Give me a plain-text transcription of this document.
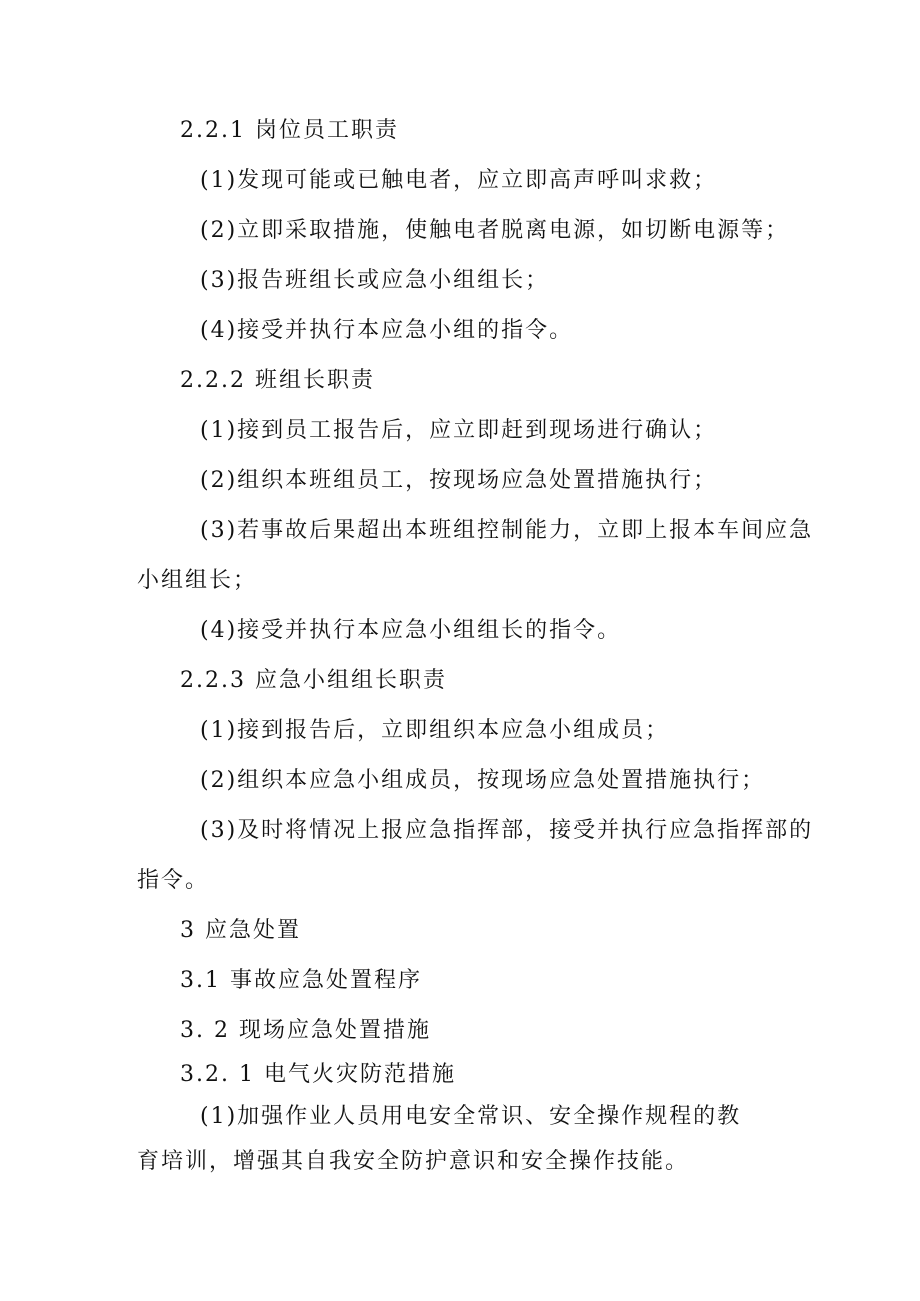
2.2.1 岗位员工职责

(1)发现可能或已触电者，应立即高声呼叫求救；

(2)立即采取措施，使触电者脱离电源，如切断电源等；

(3)报告班组长或应急小组组长；

(4)接受并执行本应急小组的指令。

2.2.2 班组长职责

(1)接到员工报告后，应立即赶到现场进行确认；

(2)组织本班组员工，按现场应急处置措施执行；

(3)若事故后果超出本班组控制能力，立即上报本车间应急

小组组长；

(4)接受并执行本应急小组组长的指令。

2.2.3 应急小组组长职责

(1)接到报告后，立即组织本应急小组成员；

(2)组织本应急小组成员，按现场应急处置措施执行；

(3)及时将情况上报应急指挥部，接受并执行应急指挥部的

指令。

3 应急处置

3.1 事故应急处置程序

3. 2 现场应急处置措施

3.2. 1 电气火灾防范措施

(1)加强作业人员用电安全常识、安全操作规程的教

育培训，增强其自我安全防护意识和安全操作技能。
